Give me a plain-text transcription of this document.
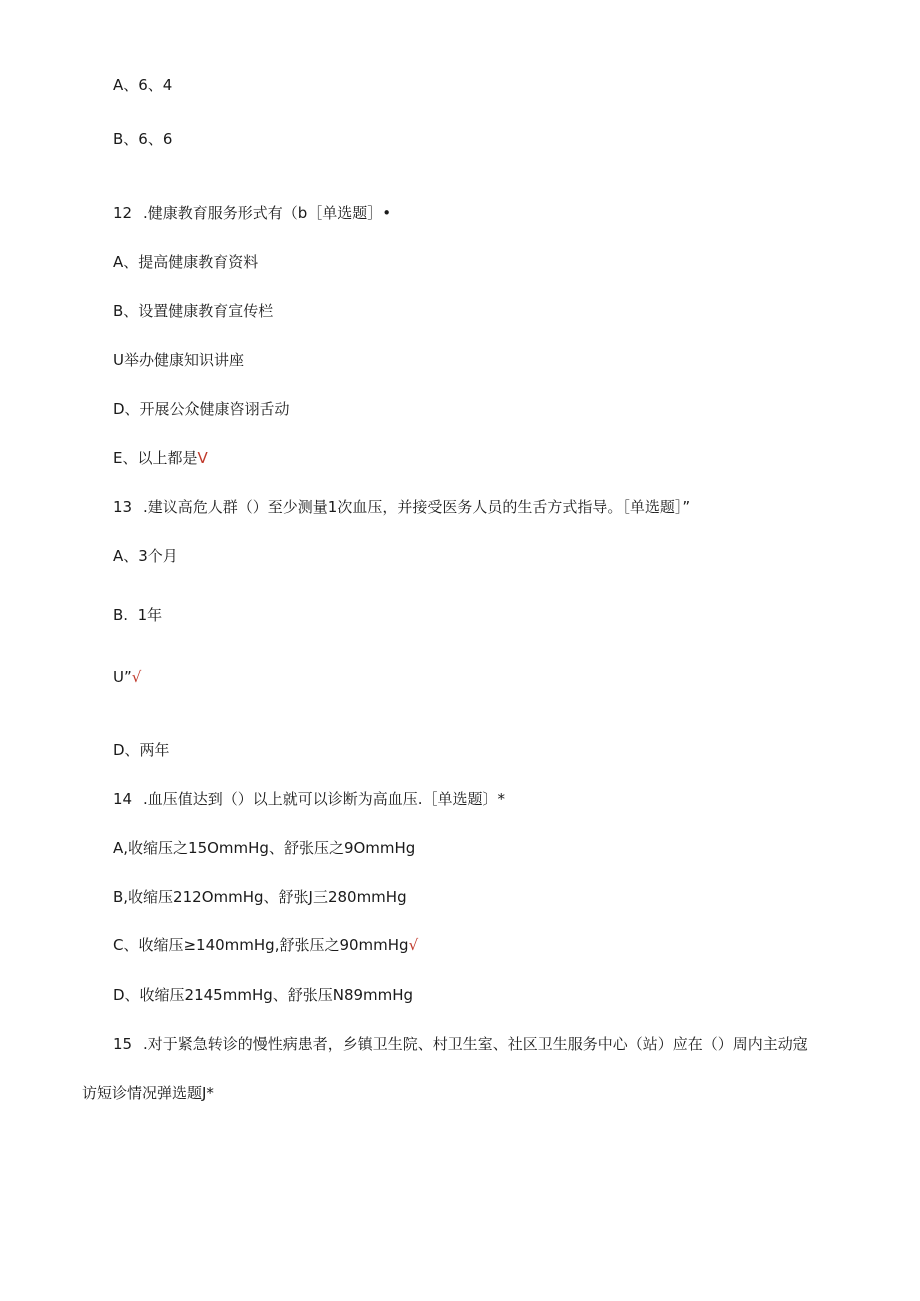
A、6、4
B、6、6
12 .健康教育服务形式有（b［单选题］•
A、提高健康教育资料
B、设置健康教育宣传栏
U举办健康知识讲座
D、开展公众健康咨诩舌动
E、以上都是V
13 .建议高危人群（）至少测量1次血压，并接受医务人员的生舌方式指导。［单选题］”
A、3个月
B.  1年
U”√
D、两年
14 .血压值达到（）以上就可以诊断为高血压.［单选题〕*
A,收缩压之15OmmHg、舒张压之9OmmHg
B,收缩压212OmmHg、舒张J三280mmHg
C、收缩压≥140mmHg,舒张压之90mmHg√
D、收缩压2145mmHg、舒张压N89mmHg
15 .对于紧急转诊的慢性病患者，乡镇卫生院、村卫生室、社区卫生服务中心（站）应在（）周内主动寇
访短诊情况弹选题J*
